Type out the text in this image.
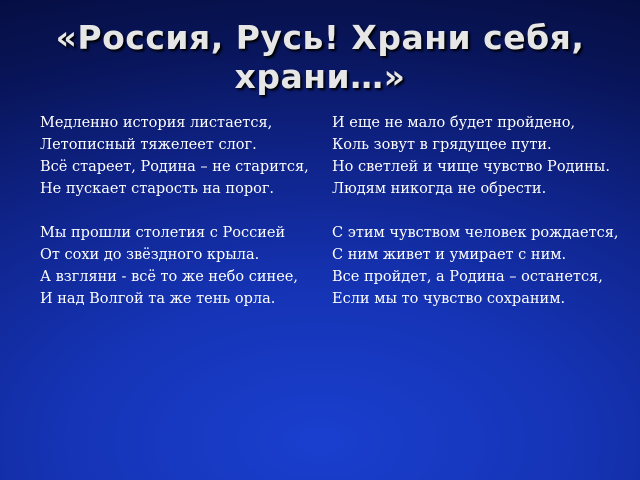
«Россия, Русь! Храни себя,
храни…»
Медленно история листается,
Летописный тяжелеет слог.
Всё стареет, Родина – не старится,
Не пускает старость на порог.
Мы прошли столетия с Россией
От сохи до звёздного крыла.
А взгляни - всё то же небо синее,
И над Волгой та же тень орла.
И еще не мало будет пройдено,
Коль зовут в грядущее пути.
Но светлей и чище чувство Родины.
Людям никогда не обрести.
С этим чувством человек рождается,
С ним живет и умирает с ним.
Все пройдет, а Родина – останется,
Если мы то чувство сохраним.
